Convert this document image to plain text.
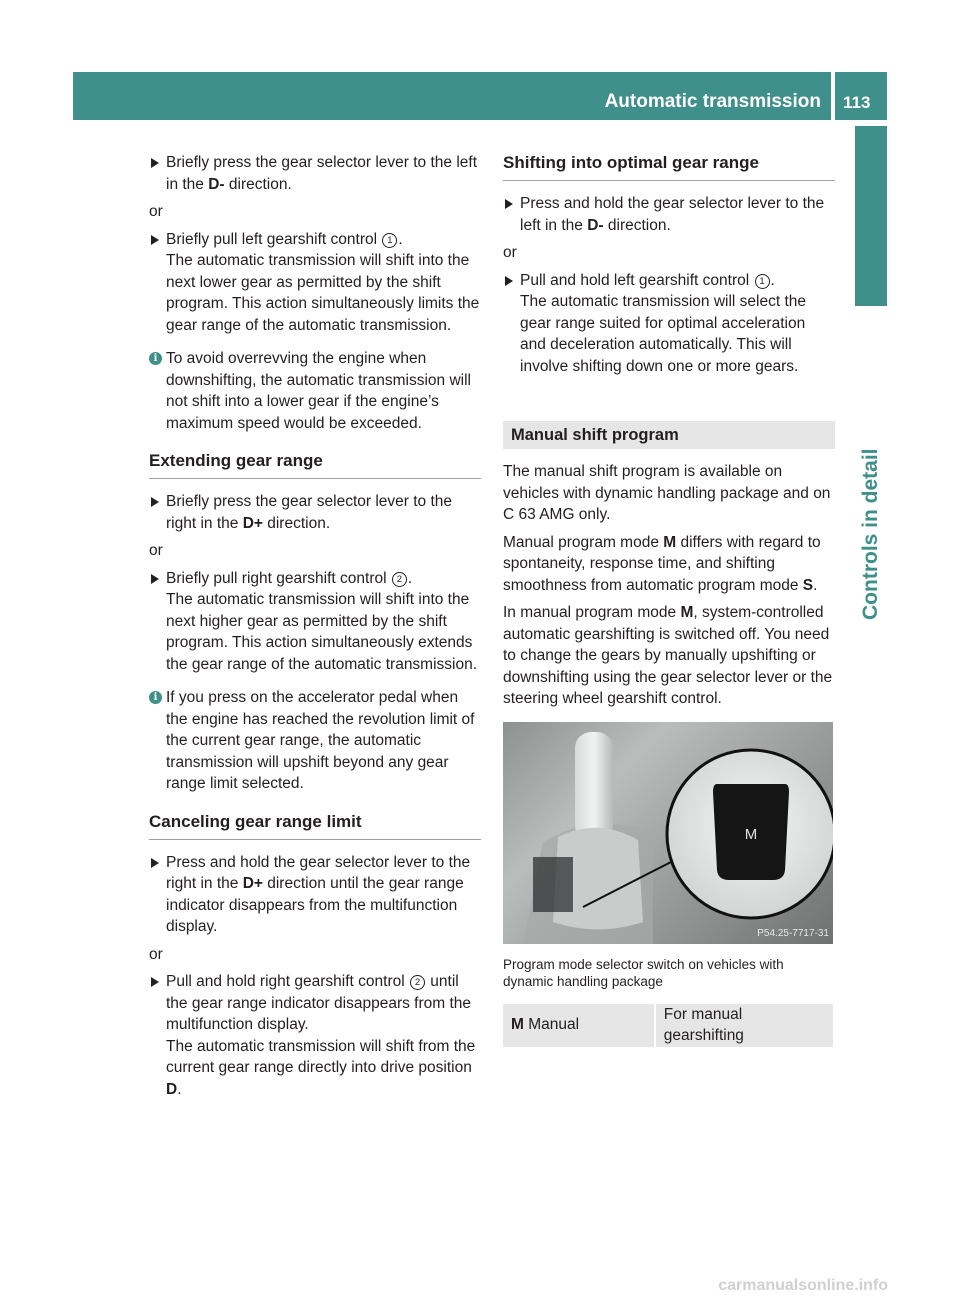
Automatic transmission 113
Controls in detail

Briefly press the gear selector lever to the left in the D- direction.

or

Briefly pull left gearshift control 1 .

The automatic transmission will shift into the next lower gear as permitted by the shift program. This action simultaneously limits the gear range of the automatic transmission.

i To avoid overrevving the engine when downshifting, the automatic transmission will not shift into a lower gear if the engine’s maximum speed would be exceeded.

Extending gear range

Briefly press the gear selector lever to the right in the D+ direction.

or

Briefly pull right gearshift control 2 .

The automatic transmission will shift into the next higher gear as permitted by the shift program. This action simultaneously extends the gear range of the automatic transmission.

i If you press on the accelerator pedal when the engine has reached the revolution limit of the current gear range, the automatic transmission will upshift beyond any gear range limit selected.

Canceling gear range limit

Press and hold the gear selector lever to the right in the D+ direction until the gear range indicator disappears from the multifunction display.

or

Pull and hold right gearshift control 2 until the gear range indicator disappears from the multifunction display.

The automatic transmission will shift from the current gear range directly into drive position D.

Shifting into optimal gear range

Press and hold the gear selector lever to the left in the D- direction.

or

Pull and hold left gearshift control 1 .

The automatic transmission will select the gear range suited for optimal acceleration and deceleration automatically. This will involve shifting down one or more gears.

Manual shift program

The manual shift program is available on vehicles with dynamic handling package and on C 63 AMG only.

Manual program mode M differs with regard to spontaneity, response time, and shifting smoothness from automatic program mode S.

In manual program mode M, system-controlled automatic gearshifting is switched off. You need to change the gears by manually upshifting or downshifting using the gear selector lever or the steering wheel gearshift control.

M
P54.25-7717-31

Program mode selector switch on vehicles with dynamic handling package

M Manual	For manual gearshifting
carmanualsonline.info
